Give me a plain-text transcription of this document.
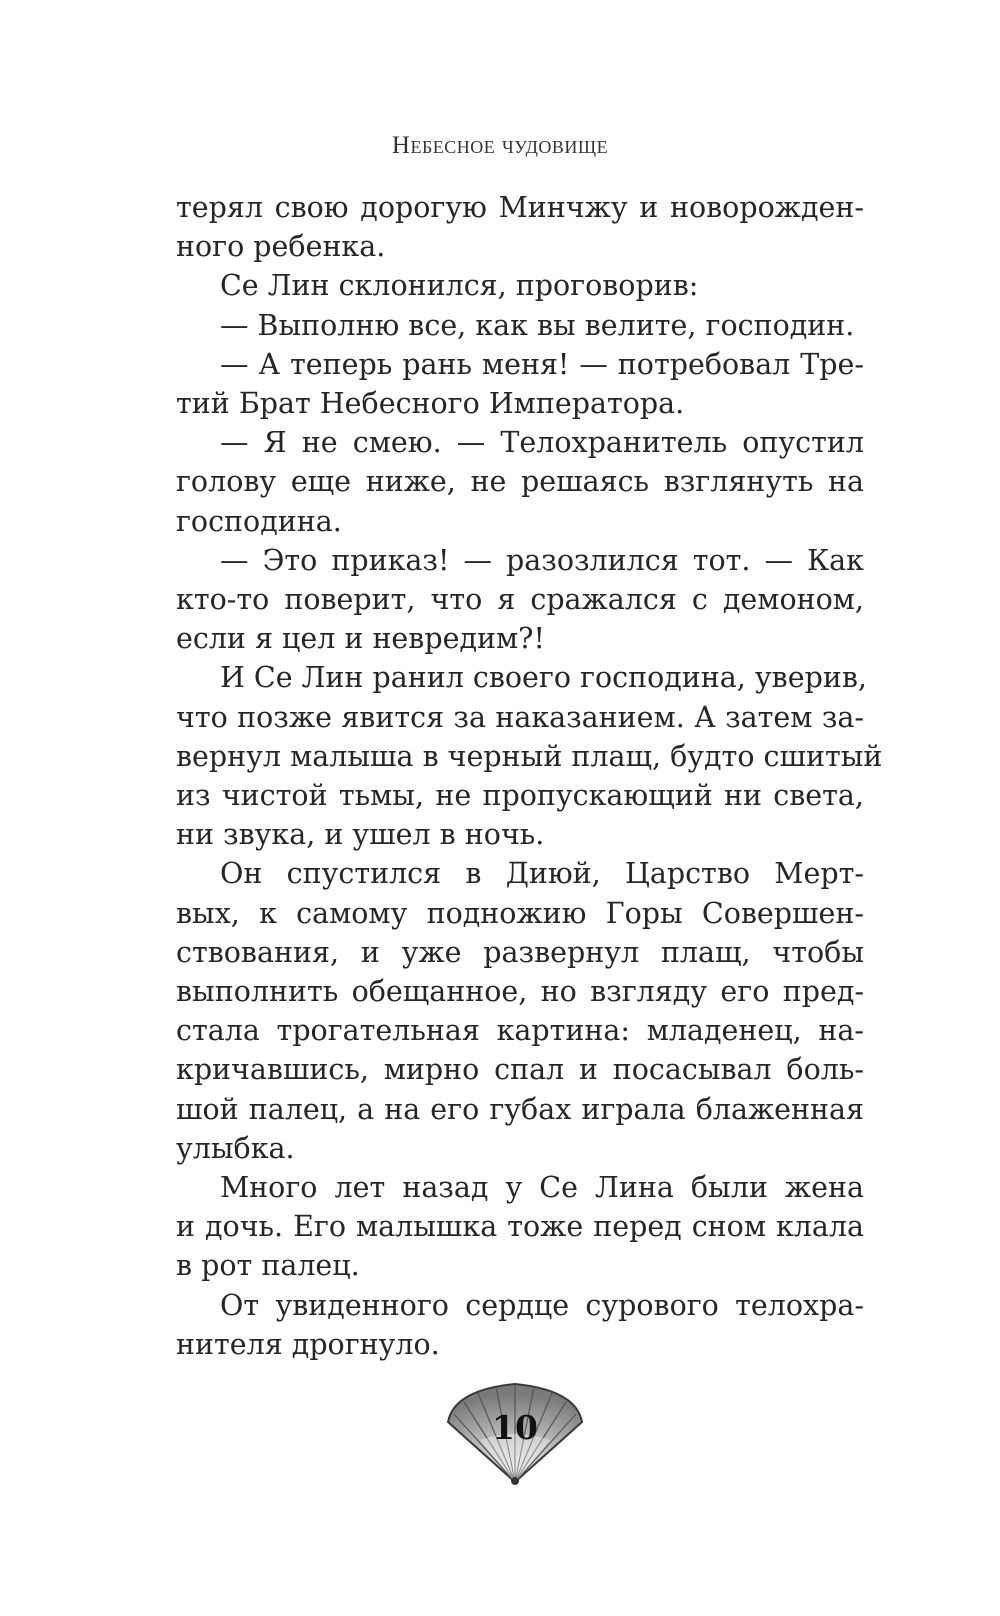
Небесное чудовище
терял свою дорогую Минчжу и новорожден-
ного ребенка.
Се Лин склонился, проговорив:
— Выполню все, как вы велите, господин.
— А теперь рань меня! — потребовал Тре-
тий Брат Небесного Императора.
— Я не смею. — Телохранитель опустил
голову еще ниже, не решаясь взглянуть на
господина.
— Это приказ! — разозлился тот. — Как
кто-то поверит, что я сражался с демоном,
если я цел и невредим?!
И Се Лин ранил своего господина, уверив,
что позже явится за наказанием. А затем за-
вернул малыша в черный плащ, будто сшитый
из чистой тьмы, не пропускающий ни света,
ни звука, и ушел в ночь.
Он спустился в Диюй, Царство Мерт-
вых, к самому подножию Горы Совершен-
ствования, и уже развернул плащ, чтобы
выполнить обещанное, но взгляду его пред-
стала трогательная картина: младенец, на-
кричавшись, мирно спал и посасывал боль-
шой палец, а на его губах играла блаженная
улыбка.
Много лет назад у Се Лина были жена
и дочь. Его малышка тоже перед сном клала
в рот палец.
От увиденного сердце сурового телохра-
нителя дрогнуло.
10
